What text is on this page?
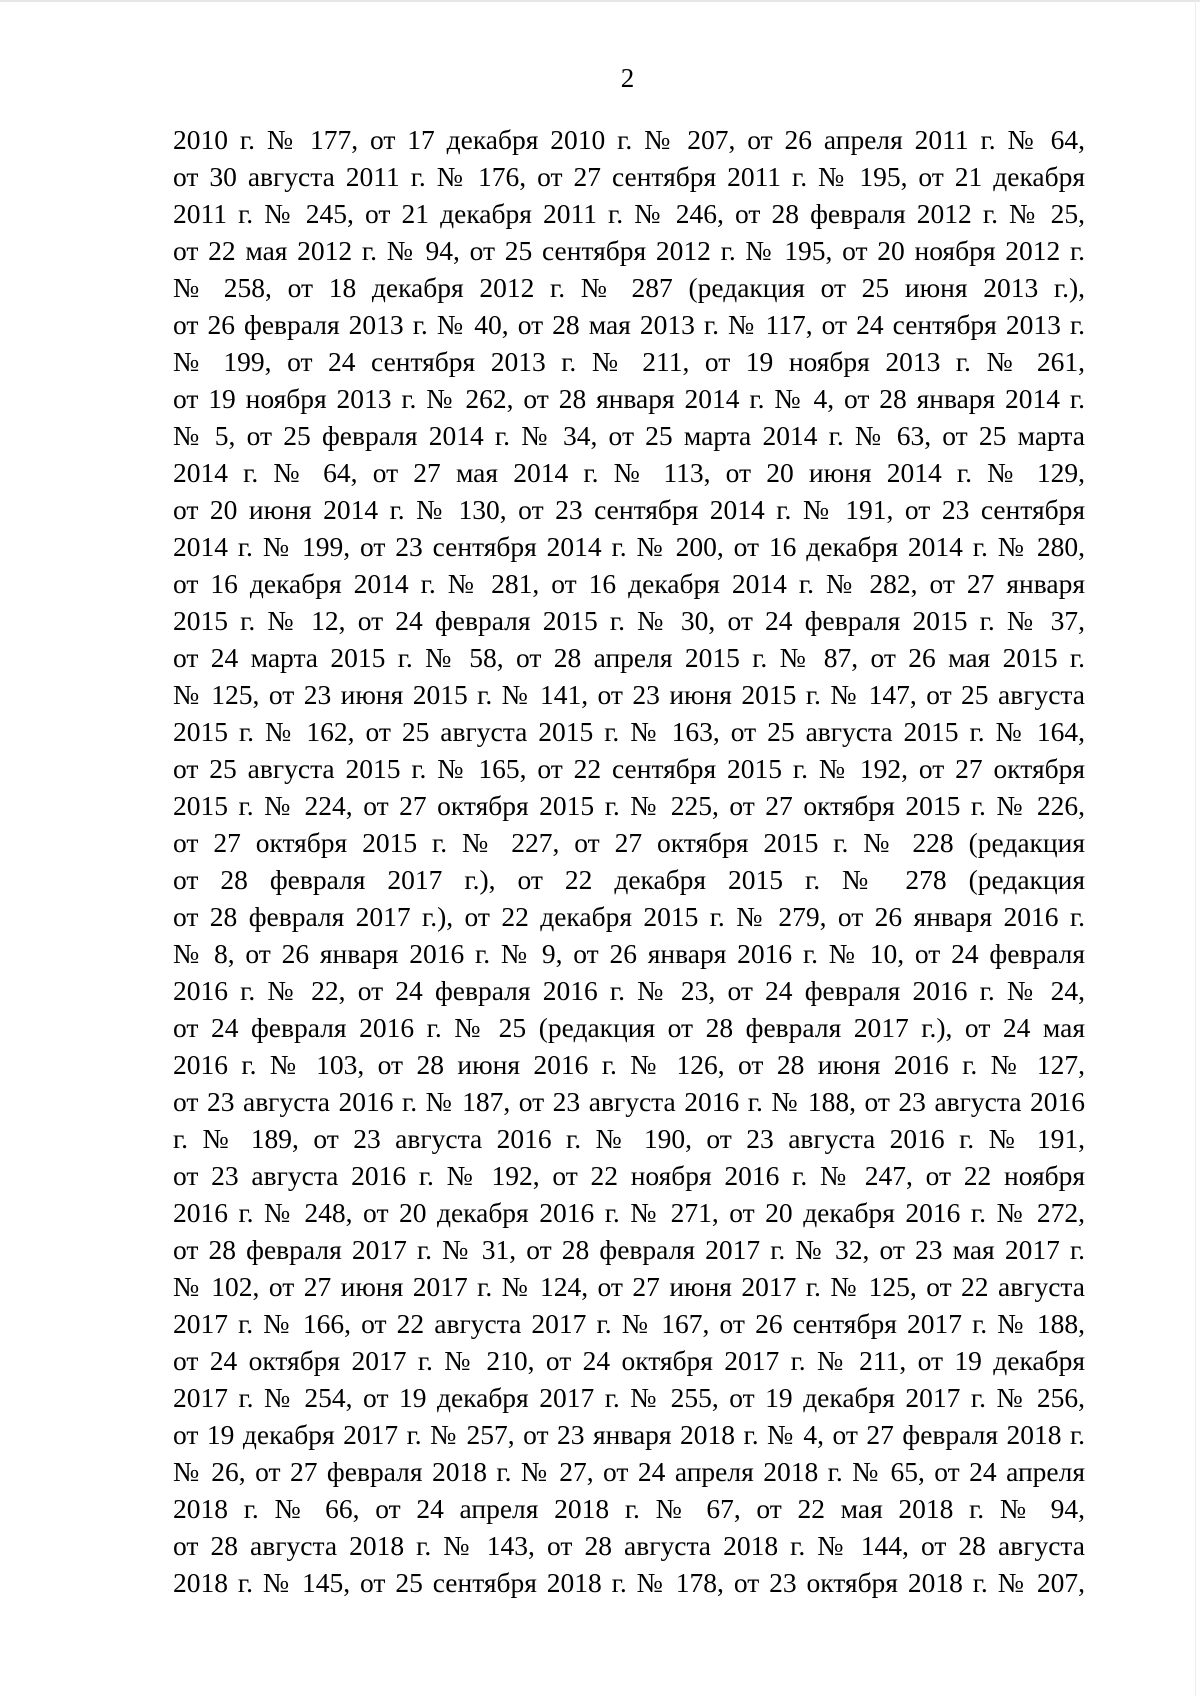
2
2010 г. № 177, от 17 декабря 2010 г. № 207, от 26 апреля 2011 г. № 64,
от 30 августа 2011 г. № 176, от 27 сентября 2011 г. № 195, от 21 декабря
2011 г. № 245, от 21 декабря 2011 г. № 246, от 28 февраля 2012 г. № 25,
от 22 мая 2012 г. № 94, от 25 сентября 2012 г. № 195, от 20 ноября 2012 г.
№ 258, от 18 декабря 2012 г. № 287 (редакция от 25 июня 2013 г.),
от 26 февраля 2013 г. № 40, от 28 мая 2013 г. № 117, от 24 сентября 2013 г.
№ 199, от 24 сентября 2013 г. № 211, от 19 ноября 2013 г. № 261,
от 19 ноября 2013 г. № 262, от 28 января 2014 г. № 4, от 28 января 2014 г.
№ 5, от 25 февраля 2014 г. № 34, от 25 марта 2014 г. № 63, от 25 марта
2014 г. № 64, от 27 мая 2014 г. № 113, от 20 июня 2014 г. № 129,
от 20 июня 2014 г. № 130, от 23 сентября 2014 г. № 191, от 23 сентября
2014 г. № 199, от 23 сентября 2014 г. № 200, от 16 декабря 2014 г. № 280,
от 16 декабря 2014 г. № 281, от 16 декабря 2014 г. № 282, от 27 января
2015 г. № 12, от 24 февраля 2015 г. № 30, от 24 февраля 2015 г. № 37,
от 24 марта 2015 г. № 58, от 28 апреля 2015 г. № 87, от 26 мая 2015 г.
№ 125, от 23 июня 2015 г. № 141, от 23 июня 2015 г. № 147, от 25 августа
2015 г. № 162, от 25 августа 2015 г. № 163, от 25 августа 2015 г. № 164,
от 25 августа 2015 г. № 165, от 22 сентября 2015 г. № 192, от 27 октября
2015 г. № 224, от 27 октября 2015 г. № 225, от 27 октября 2015 г. № 226,
от 27 октября 2015 г. № 227, от 27 октября 2015 г. № 228 (редакция
от 28 февраля 2017 г.), от 22 декабря 2015 г. № 278 (редакция
от 28 февраля 2017 г.), от 22 декабря 2015 г. № 279, от 26 января 2016 г.
№ 8, от 26 января 2016 г. № 9, от 26 января 2016 г. № 10, от 24 февраля
2016 г. № 22, от 24 февраля 2016 г. № 23, от 24 февраля 2016 г. № 24,
от 24 февраля 2016 г. № 25 (редакция от 28 февраля 2017 г.), от 24 мая
2016 г. № 103, от 28 июня 2016 г. № 126, от 28 июня 2016 г. № 127,
от 23 августа 2016 г. № 187, от 23 августа 2016 г. № 188, от 23 августа 2016
г. № 189, от 23 августа 2016 г. № 190, от 23 августа 2016 г. № 191,
от 23 августа 2016 г. № 192, от 22 ноября 2016 г. № 247, от 22 ноября
2016 г. № 248, от 20 декабря 2016 г. № 271, от 20 декабря 2016 г. № 272,
от 28 февраля 2017 г. № 31, от 28 февраля 2017 г. № 32, от 23 мая 2017 г.
№ 102, от 27 июня 2017 г. № 124, от 27 июня 2017 г. № 125, от 22 августа
2017 г. № 166, от 22 августа 2017 г. № 167, от 26 сентября 2017 г. № 188,
от 24 октября 2017 г. № 210, от 24 октября 2017 г. № 211, от 19 декабря
2017 г. № 254, от 19 декабря 2017 г. № 255, от 19 декабря 2017 г. № 256,
от 19 декабря 2017 г. № 257, от 23 января 2018 г. № 4, от 27 февраля 2018 г.
№ 26, от 27 февраля 2018 г. № 27, от 24 апреля 2018 г. № 65, от 24 апреля
2018 г. № 66, от 24 апреля 2018 г. № 67, от 22 мая 2018 г. № 94,
от 28 августа 2018 г. № 143, от 28 августа 2018 г. № 144, от 28 августа
2018 г. № 145, от 25 сентября 2018 г. № 178, от 23 октября 2018 г. № 207,
